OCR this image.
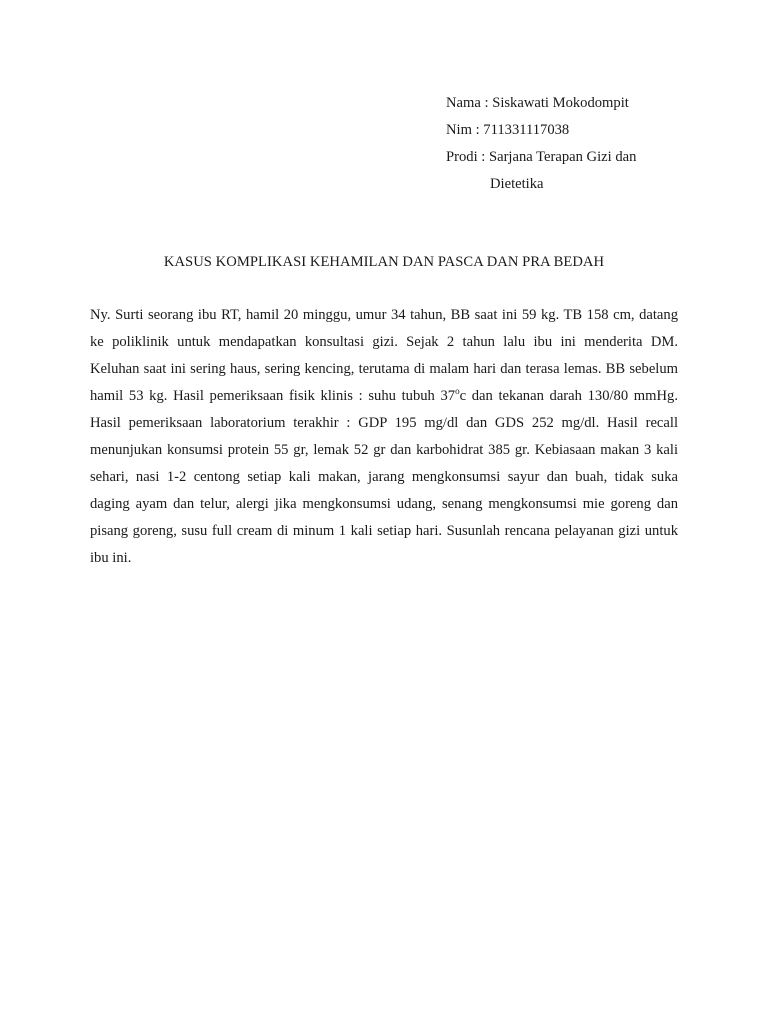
Nama : Siskawati Mokodompit
Nim : 711331117038
Prodi : Sarjana Terapan Gizi dan
Dietetika
KASUS KOMPLIKASI KEHAMILAN DAN PASCA DAN PRA BEDAH
Ny. Surti seorang ibu RT, hamil 20 minggu, umur 34 tahun, BB saat ini 59 kg. TB 158 cm, datang
ke poliklinik untuk mendapatkan konsultasi gizi. Sejak 2 tahun lalu ibu ini menderita DM.
Keluhan saat ini sering haus, sering kencing, terutama di malam hari dan terasa lemas. BB sebelum
hamil 53 kg. Hasil pemeriksaan fisik klinis : suhu tubuh 37$^o$c dan tekanan darah 130/80 mmHg.
Hasil pemeriksaan laboratorium terakhir : GDP 195 mg/dl dan GDS 252 mg/dl. Hasil recall
menunjukan konsumsi protein 55 gr, lemak 52 gr dan karbohidrat 385 gr. Kebiasaan makan 3 kali
sehari, nasi 1-2 centong setiap kali makan, jarang mengkonsumsi sayur dan buah, tidak suka
daging ayam dan telur, alergi jika mengkonsumsi udang, senang mengkonsumsi mie goreng dan
pisang goreng, susu full cream di minum 1 kali setiap hari. Susunlah rencana pelayanan gizi untuk
ibu ini.
